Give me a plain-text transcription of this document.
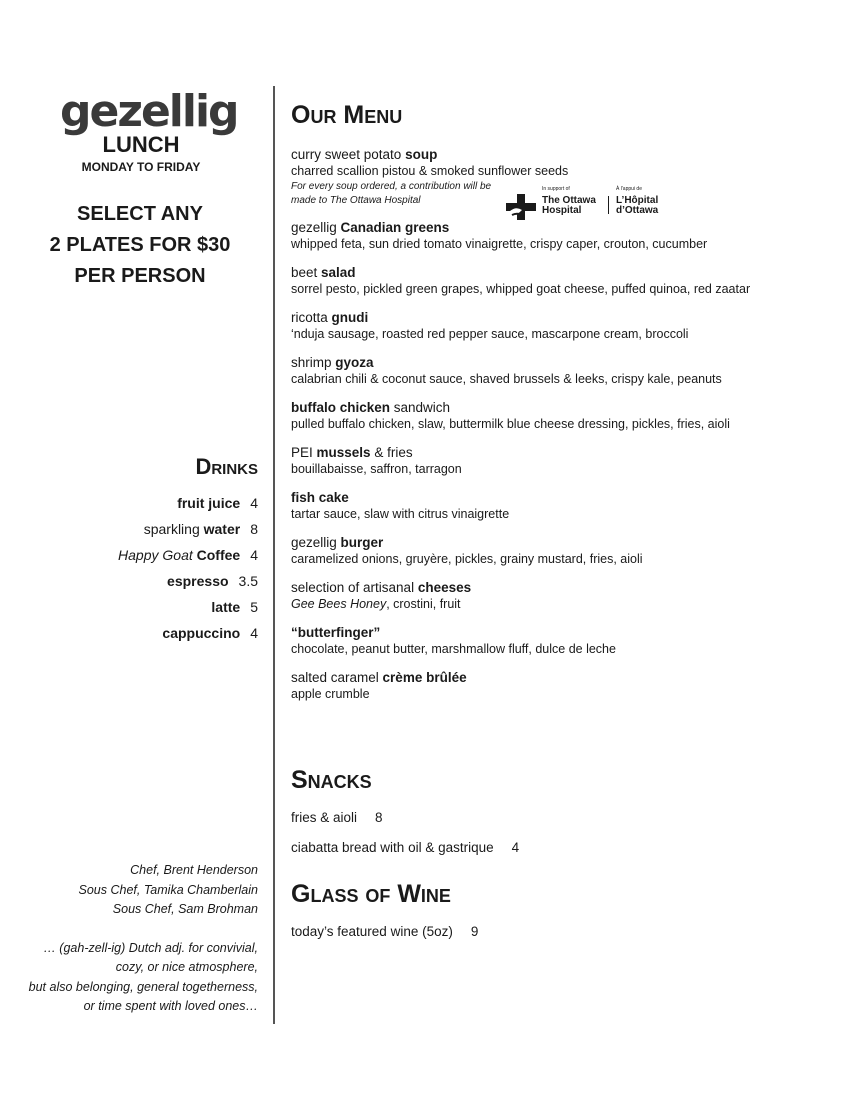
gezellig
LUNCH
MONDAY TO FRIDAY
SELECT ANY
2 PLATES FOR $30
PER PERSON
Drinks
fruit juice 4
sparkling water 8
Happy Goat Coffee 4
espresso 3.5
latte 5
cappuccino 4
Chef, Brent Henderson
Sous Chef, Tamika Chamberlain
Sous Chef, Sam Brohman
… (gah-zell-ig) Dutch adj. for convivial,
cozy, or nice atmosphere,
but also belonging, general togetherness,
or time spent with loved ones…
Our Menu
curry sweet potato soup
charred scallion pistou & smoked sunflower seeds
For every soup ordered, a contribution will be
made to The Ottawa Hospital
gezellig Canadian greens
whipped feta, sun dried tomato vinaigrette, crispy caper, crouton, cucumber
beet salad
sorrel pesto, pickled green grapes, whipped goat cheese, puffed quinoa, red zaatar
ricotta gnudi
‘nduja sausage, roasted red pepper sauce, mascarpone cream, broccoli
shrimp gyoza
calabrian chili & coconut sauce, shaved brussels & leeks, crispy kale, peanuts
buffalo chicken sandwich
pulled buffalo chicken, slaw, buttermilk blue cheese dressing, pickles, fries, aioli
PEI mussels & fries
bouillabaisse, saffron, tarragon
fish cake
tartar sauce, slaw with citrus vinaigrette
gezellig burger
caramelized onions, gruyère, pickles, grainy mustard, fries, aioli
selection of artisanal cheeses
Gee Bees Honey, crostini, fruit
“butterfinger”
chocolate, peanut butter, marshmallow fluff, dulce de leche
salted caramel crème brûlée
apple crumble
In support of	À l'appui de
The Ottawa
Hospital
L’Hôpital
d’Ottawa
Snacks
fries & aioli 8
ciabatta bread with oil & gastrique 4
Glass of Wine
today’s featured wine (5oz) 9
